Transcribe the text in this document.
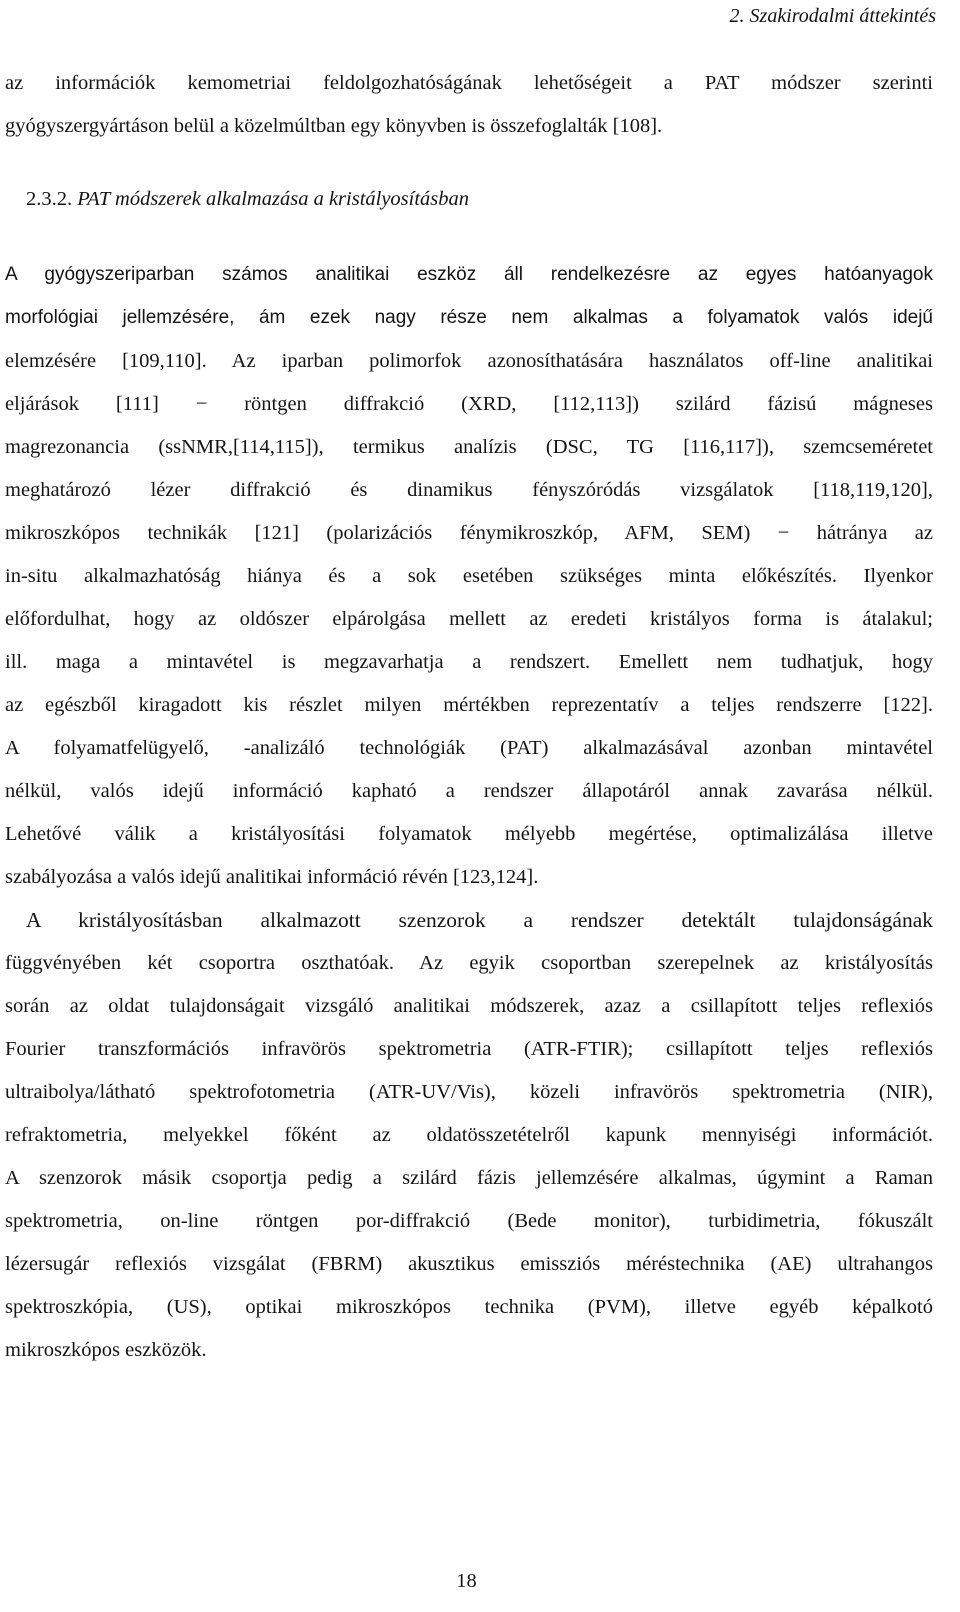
2. Szakirodalmi áttekintés
az információk kemometriai feldolgozhatóságának lehetőségeit a PAT módszer szerinti
gyógyszergyártáson belül a közelmúltban egy könyvben is összefoglalták [108].
A gyógyszeriparban számos analitikai eszköz áll rendelkezésre az egyes hatóanyagok
morfológiai jellemzésére, ám ezek nagy része nem alkalmas a folyamatok valós idejű
elemzésére [109,110]. Az iparban polimorfok azonosíthatására használatos off-line analitikai
eljárások [111] − röntgen diffrakció (XRD, [112,113]) szilárd fázisú mágneses
magrezonancia (ssNMR,[114,115]), termikus analízis (DSC, TG [116,117]), szemcseméretet
meghatározó lézer diffrakció és dinamikus fényszóródás vizsgálatok [118,119,120],
mikroszkópos technikák [121] (polarizációs fénymikroszkóp, AFM, SEM) − hátránya az
in-situ alkalmazhatóság hiánya és a sok esetében szükséges minta előkészítés. Ilyenkor
előfordulhat, hogy az oldószer elpárolgása mellett az eredeti kristályos forma is átalakul;
ill. maga a mintavétel is megzavarhatja a rendszert. Emellett nem tudhatjuk, hogy
az egészből kiragadott kis részlet milyen mértékben reprezentatív a teljes rendszerre [122].
A folyamatfelügyelő, -analizáló technológiák (PAT) alkalmazásával azonban mintavétel
nélkül, valós idejű információ kapható a rendszer állapotáról annak zavarása nélkül.
Lehetővé válik a kristályosítási folyamatok mélyebb megértése, optimalizálása illetve
szabályozása a valós idejű analitikai információ révén [123,124].
A kristályosításban alkalmazott szenzorok a rendszer detektált tulajdonságának
függvényében két csoportra oszthatóak. Az egyik csoportban szerepelnek az kristályosítás
során az oldat tulajdonságait vizsgáló analitikai módszerek, azaz a csillapított teljes reflexiós
Fourier transzformációs infravörös spektrometria (ATR-FTIR); csillapított teljes reflexiós
ultraibolya/látható spektrofotometria (ATR-UV/Vis), közeli infravörös spektrometria (NIR),
refraktometria, melyekkel főként az oldatösszetételről kapunk mennyiségi információt.
A szenzorok másik csoportja pedig a szilárd fázis jellemzésére alkalmas, úgymint a Raman
spektrometria, on-line röntgen por-diffrakció (Bede monitor), turbidimetria, fókuszált
lézersugár reflexiós vizsgálat (FBRM) akusztikus emissziós méréstechnika (AE) ultrahangos
spektroszkópia, (US), optikai mikroszkópos technika (PVM), illetve egyéb képalkotó
mikroszkópos eszközök.
2.3.2. PAT módszerek alkalmazása a kristályosításban
18
